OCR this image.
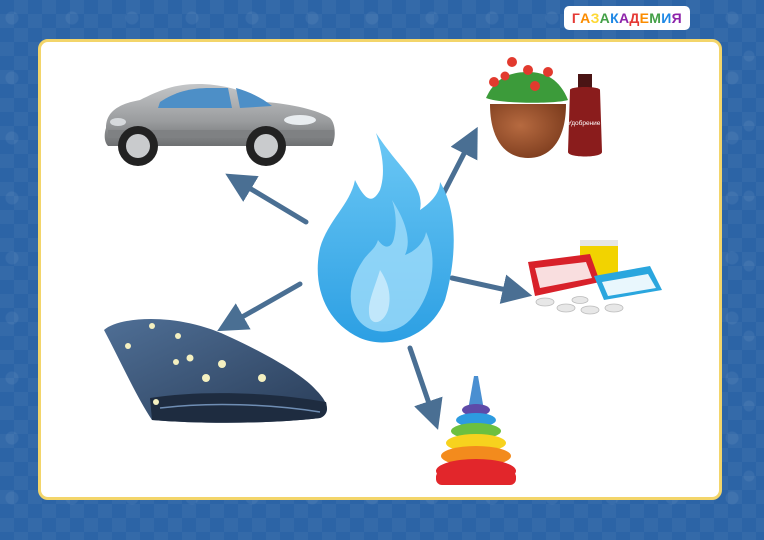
Г А З А К А Д Е М И Я
Удобрение
